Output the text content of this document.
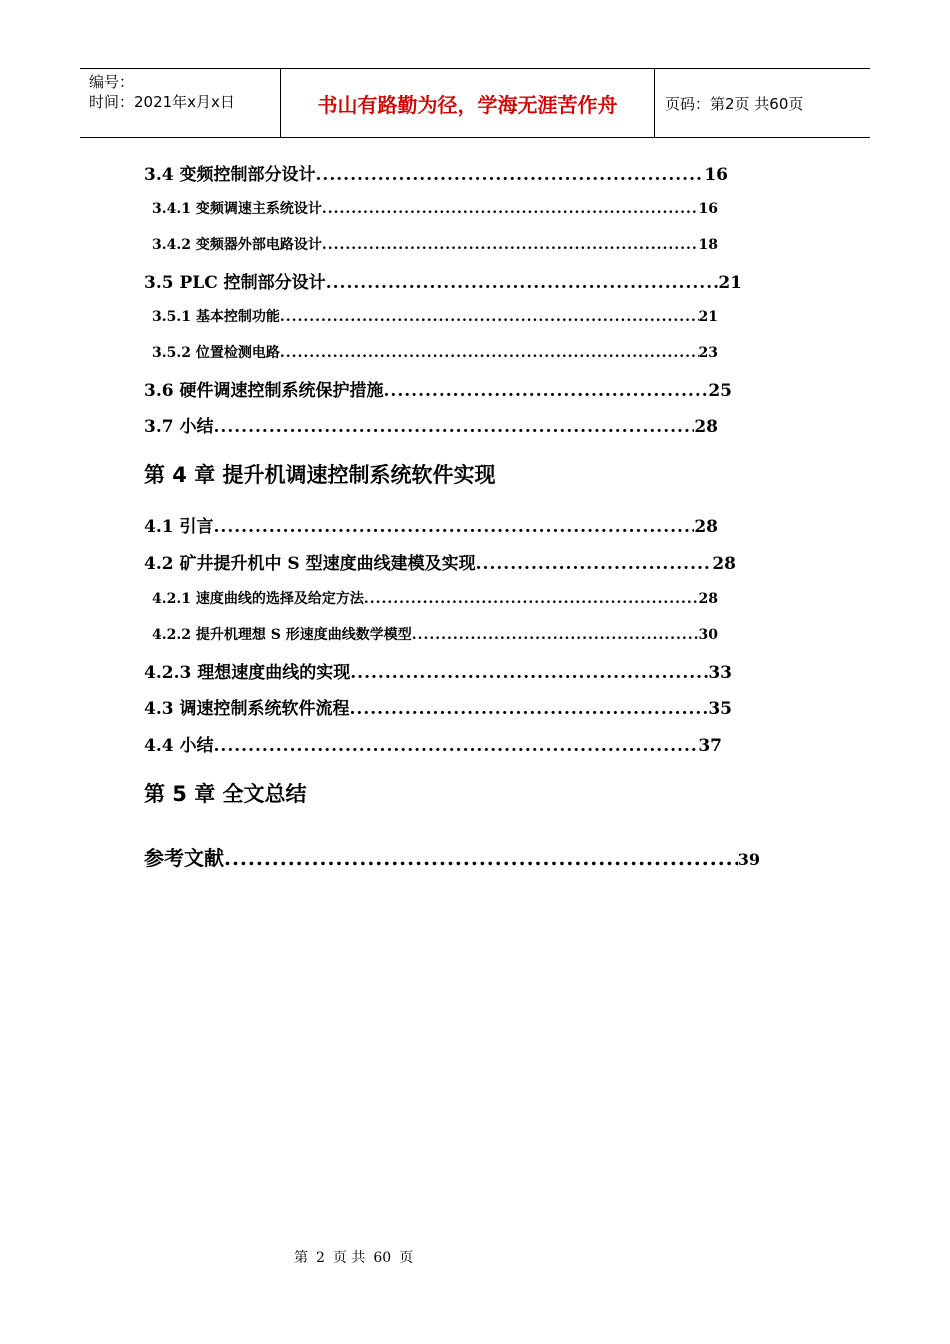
编号：
时间：2021年x月x日	书山有路勤为径，学海无涯苦作舟	页码：第2页 共60页
3.4 变频控制部分设计 .....	16
3.4.1 变频调速主系统设计 .....	16
3.4.2 变频器外部电路设计 .....	18
3.5 PLC 控制部分设计 .....	21
3.5.1 基本控制功能 .....	21
3.5.2 位置检测电路 .....	23
3.6 硬件调速控制系统保护措施 .....	25
3.7 小结 .....	28
第 4 章 提升机调速控制系统软件实现
4.1 引言 .....	28
4.2 矿井提升机中 S 型速度曲线建模及实现 .....	28
4.2.1 速度曲线的选择及给定方法 .....	28
4.2.2 提升机理想 S 形速度曲线数学模型 .....	30
4.2.3 理想速度曲线的实现 .....	33
4.3 调速控制系统软件流程 .....	35
4.4 小结 .....	37
第 5 章 全文总结
参考文献 .....	39
第 2 页 共 60 页
